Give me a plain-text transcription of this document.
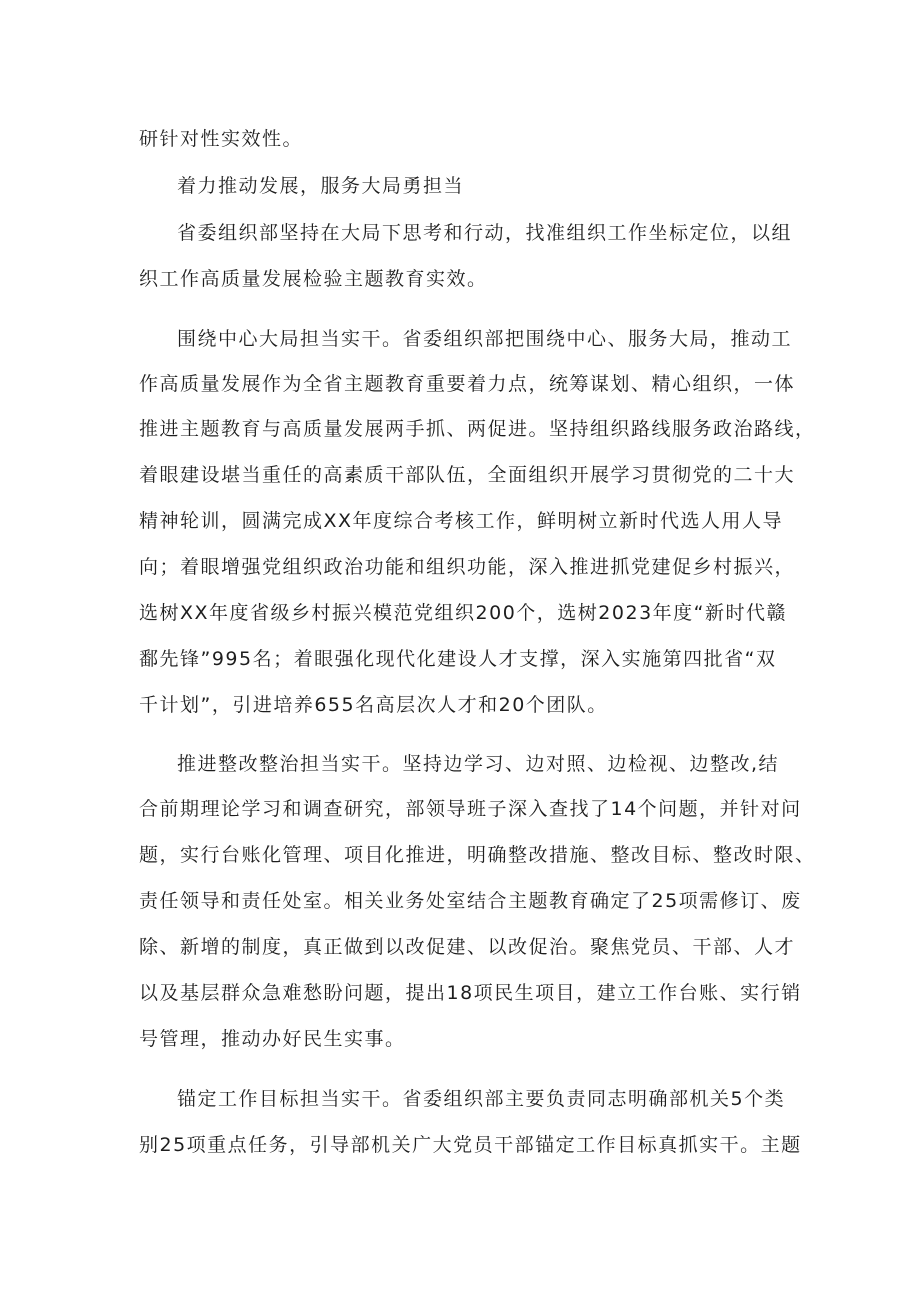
研针对性实效性。
着力推动发展，服务大局勇担当
省委组织部坚持在大局下思考和行动，找准组织工作坐标定位，以组
织工作高质量发展检验主题教育实效。
围绕中心大局担当实干。省委组织部把围绕中心、服务大局，推动工
作高质量发展作为全省主题教育重要着力点，统筹谋划、精心组织，一体
推进主题教育与高质量发展两手抓、两促进。坚持组织路线服务政治路线，
着眼建设堪当重任的高素质干部队伍，全面组织开展学习贯彻党的二十大
精神轮训，圆满完成XX年度综合考核工作，鲜明树立新时代选人用人导
向；着眼增强党组织政治功能和组织功能，深入推进抓党建促乡村振兴，
选树XX年度省级乡村振兴模范党组织200个，选树2023年度“新时代赣
鄱先锋”995名；着眼强化现代化建设人才支撑，深入实施第四批省“双
千计划”，引进培养655名高层次人才和20个团队。
推进整改整治担当实干。坚持边学习、边对照、边检视、边整改,结
合前期理论学习和调查研究，部领导班子深入查找了14个问题，并针对问
题，实行台账化管理、项目化推进，明确整改措施、整改目标、整改时限、
责任领导和责任处室。相关业务处室结合主题教育确定了25项需修订、废
除、新增的制度，真正做到以改促建、以改促治。聚焦党员、干部、人才
以及基层群众急难愁盼问题，提出18项民生项目，建立工作台账、实行销
号管理，推动办好民生实事。
锚定工作目标担当实干。省委组织部主要负责同志明确部机关5个类
别25项重点任务，引导部机关广大党员干部锚定工作目标真抓实干。主题
